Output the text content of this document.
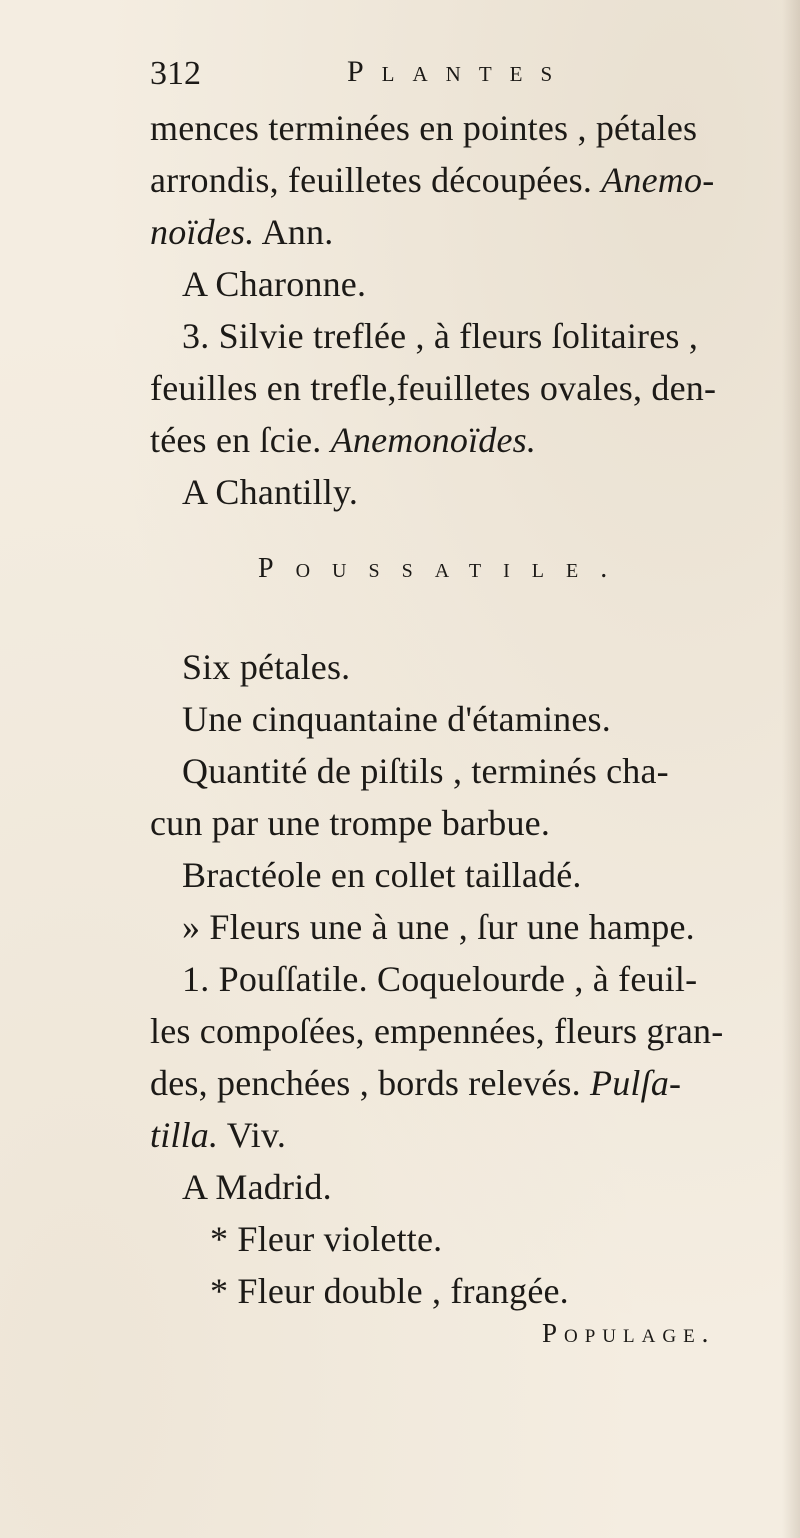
312	Plantes
mences terminées en pointes , pétales
arrondis, feuilletes découpées. Anemo-
noïdes. Ann.
A Charonne.
3. Silvie treflée , à fleurs ſolitaires ,
feuilles en trefle,feuilletes ovales, den-
tées en ſcie. Anemonoïdes.
A Chantilly.
Poussatile.
Six pétales.
Une cinquantaine d'étamines.
Quantité de piſtils , terminés cha-
cun par une trompe barbue.
Bractéole en collet tailladé.
» Fleurs une à une , ſur une hampe.
1. Pouſſatile. Coquelourde , à feuil-
les compoſées, empennées, fleurs gran-
des, penchées , bords relevés. Pulſa-
tilla. Viv.
A Madrid.
* Fleur violette.
* Fleur double , frangée.
Populage.
